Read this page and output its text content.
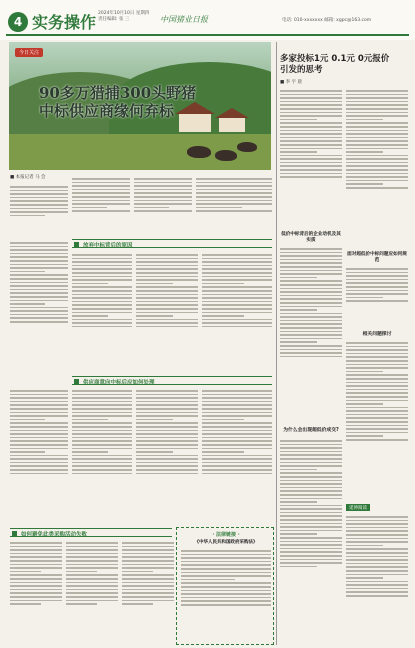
4 实务操作 2024年10月10日 星期四
责任编辑: 张 三	中国猪业日报	电话: 010-xxxxxxx 邮箱: xgpc@163.com
今日关注
90多万猎捕300头野猪
中标供应商缘何弃标
■ 本报记者 马 会
放弃中标背后的原因
供应商意向中标后应如何处理
如何避免此类采购活动失败	· 法律链接 ·
《中华人民共和国政府采购法》
多家投标1元 0.1元 0元报价
引发的思考
■ 李 宇 晨
低价中标背后的企业动机及其实质
面对超低价中标问题应如何规范
相关问题探讨
为什么会出现超低价成交?
延伸阅读
